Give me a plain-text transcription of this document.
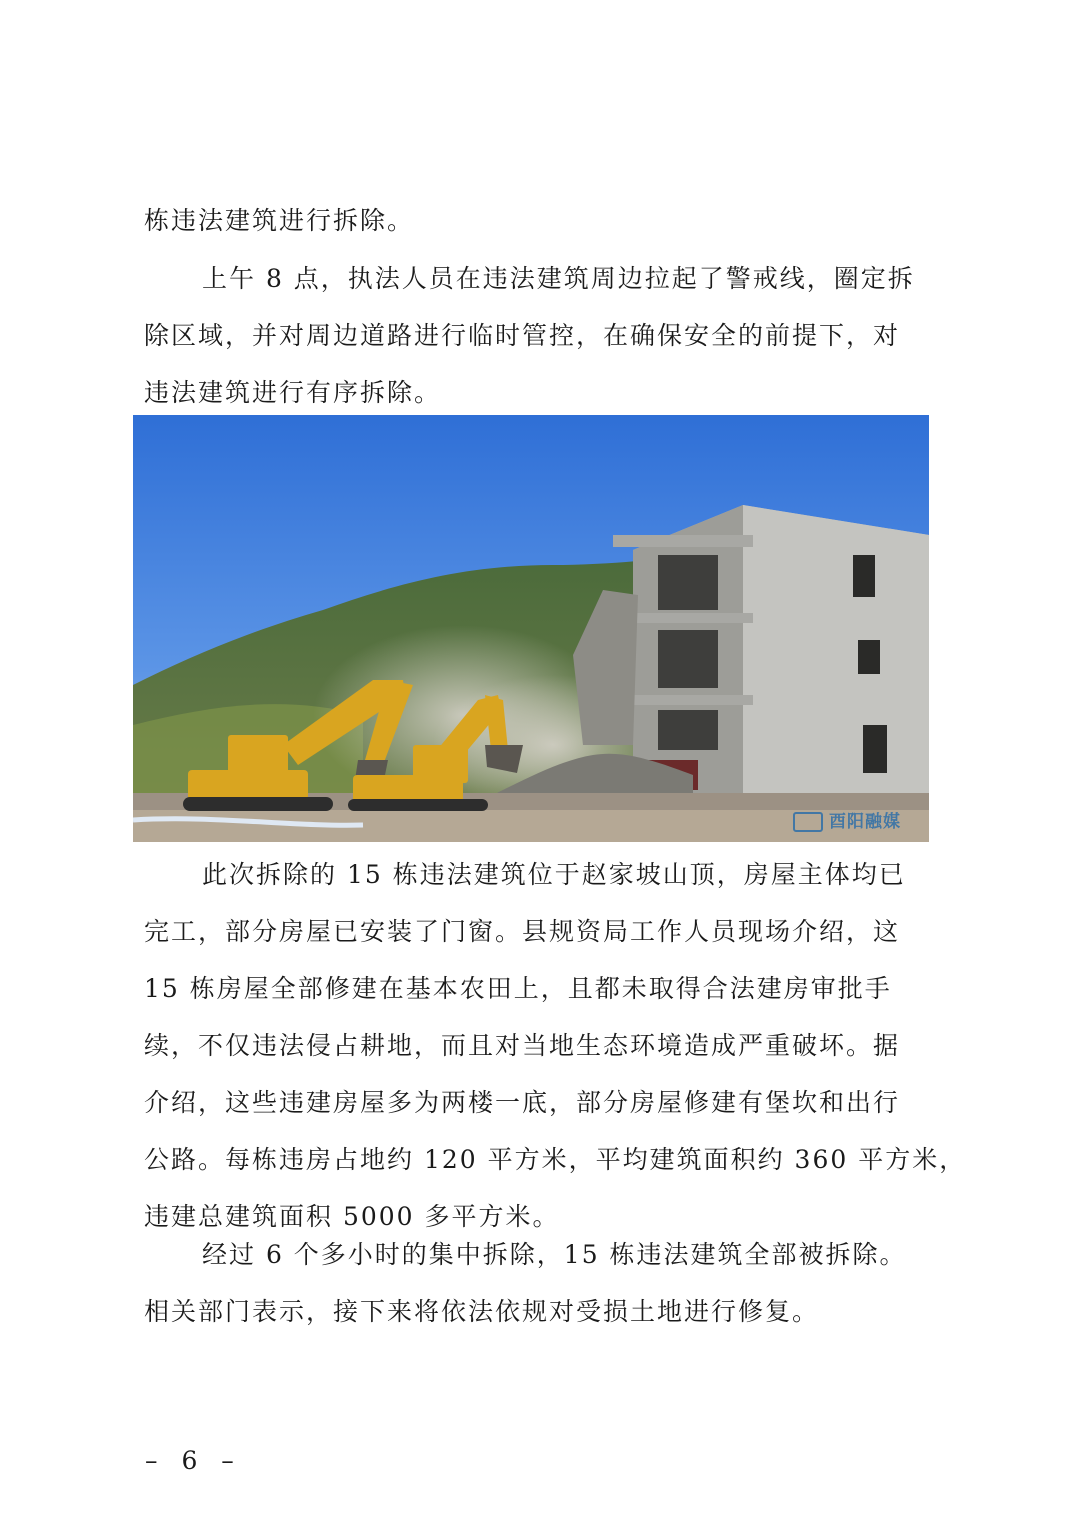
栋违法建筑进行拆除。
上午 8 点，执法人员在违法建筑周边拉起了警戒线，圈定拆
除区域，并对周边道路进行临时管控，在确保安全的前提下，对
违法建筑进行有序拆除。
酉阳融媒
此次拆除的 15 栋违法建筑位于赵家坡山顶，房屋主体均已
完工，部分房屋已安装了门窗。县规资局工作人员现场介绍，这
15 栋房屋全部修建在基本农田上，且都未取得合法建房审批手
续，不仅违法侵占耕地，而且对当地生态环境造成严重破坏。据
介绍，这些违建房屋多为两楼一底，部分房屋修建有堡坎和出行
公路。每栋违房占地约 120 平方米，平均建筑面积约 360 平方米，
违建总建筑面积 5000 多平方米。
经过 6 个多小时的集中拆除，15 栋违法建筑全部被拆除。
相关部门表示，接下来将依法依规对受损土地进行修复。
– 6 –
